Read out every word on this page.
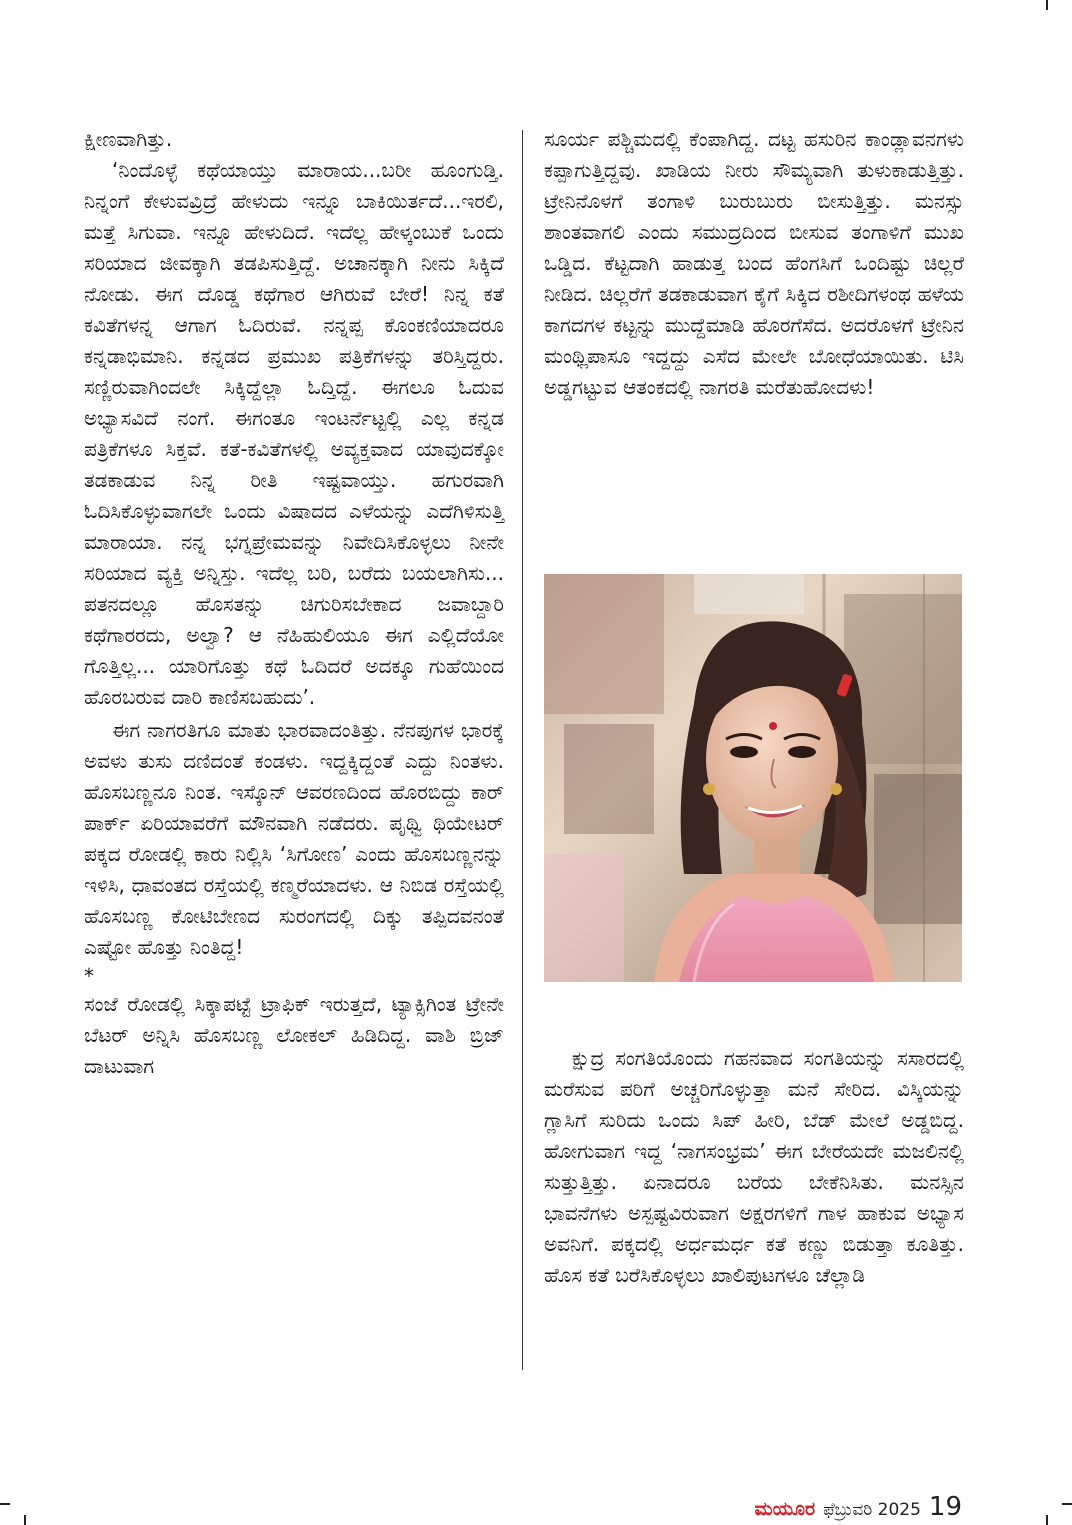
ಕ್ಷೀಣವಾಗಿತ್ತು.

‘ನಿಂದೊಳ್ಳೆ ಕಥೆಯಾಯ್ತು ಮಾರಾಯ...ಬರೀ ಹೂಂಗುಡ್ತಿ. ನಿನ್ನಂಗೆ ಕೇಳುವವ್ರಿದ್ರೆ ಹೇಳುದು ಇನ್ನೂ ಬಾಕಿಯಿರ್ತದೆ...ಇರಲಿ, ಮತ್ತೆ ಸಿಗುವಾ. ಇನ್ನೂ ಹೇಳುದಿದೆ. ಇದೆಲ್ಲ ಹೇಳ್ಕಂಬುಕೆ ಒಂದು ಸರಿಯಾದ ಜೀವಕ್ಕಾಗಿ ತಡಪಿಸುತ್ತಿದ್ದೆ. ಅಚಾನಕ್ಕಾಗಿ ನೀನು ಸಿಕ್ಕಿದೆ ನೋಡು. ಈಗ ದೊಡ್ಡ ಕಥೆಗಾರ ಆಗಿರುವೆ ಬೇರೆ! ನಿನ್ನ ಕತೆ ಕವಿತೆಗಳನ್ನ ಆಗಾಗ ಓದಿರುವೆ. ನನ್ನಪ್ಪ ಕೊಂಕಣಿಯಾದರೂ ಕನ್ನಡಾಭಿಮಾನಿ. ಕನ್ನಡದ ಪ್ರಮುಖ ಪತ್ರಿಕೆಗಳನ್ನು ತರಿಸ್ತಿದ್ದರು. ಸಣ್ಣಿರುವಾಗಿಂದಲೇ ಸಿಕ್ಕಿದ್ದೆಲ್ಲಾ ಓದ್ತಿದ್ದೆ. ಈಗಲೂ ಓದುವ ಅಭ್ಯಾಸವಿದೆ ನಂಗೆ. ಈಗಂತೂ ಇಂಟರ್ನೆಟ್ಟಲ್ಲಿ ಎಲ್ಲ ಕನ್ನಡ ಪತ್ರಿಕೆಗಳೂ ಸಿಕ್ತವೆ. ಕತೆ-ಕವಿತೆಗಳಲ್ಲಿ ಅವ್ಯಕ್ತವಾದ ಯಾವುದಕ್ಕೋ ತಡಕಾಡುವ ನಿನ್ನ ರೀತಿ ಇಷ್ಟವಾಯ್ತು. ಹಗುರವಾಗಿ ಓದಿಸಿಕೊಳ್ಳುವಾಗಲೇ ಒಂದು ವಿಷಾದದ ಎಳೆಯನ್ನು ಎದೆಗಿಳಿಸುತ್ತಿ ಮಾರಾಯಾ. ನನ್ನ ಭಗ್ನಪ್ರೇಮವನ್ನು ನಿವೇದಿಸಿಕೊಳ್ಳಲು ನೀನೇ ಸರಿಯಾದ ವ್ಯಕ್ತಿ ಅನ್ನಿಸ್ತು. ಇದೆಲ್ಲ ಬರಿ, ಬರೆದು ಬಯಲಾಗಿಸು... ಪತನದಲ್ಲೂ ಹೊಸತನ್ನು ಚಿಗುರಿಸಬೇಕಾದ ಜವಾಬ್ದಾರಿ ಕಥೆಗಾರರದು, ಅಲ್ವಾ? ಆ ನೆಹಿಹುಲಿಯೂ ಈಗ ಎಲ್ಲಿದೆಯೋ ಗೊತ್ತಿಲ್ಲ... ಯಾರಿಗೊತ್ತು ಕಥೆ ಓದಿದರೆ ಅದಕ್ಕೂ ಗುಹೆಯಿಂದ ಹೊರಬರುವ ದಾರಿ ಕಾಣಿಸಬಹುದು’.

ಈಗ ನಾಗರತಿಗೂ ಮಾತು ಭಾರವಾದಂತಿತ್ತು. ನೆನಪುಗಳ ಭಾರಕ್ಕೆ ಅವಳು ತುಸು ದಣಿದಂತೆ ಕಂಡಳು. ಇದ್ದಕ್ಕಿದ್ದಂತೆ ಎದ್ದು ನಿಂತಳು. ಹೊಸಬಣ್ಣನೂ ನಿಂತ. ಇಸ್ಕೊನ್ ಆವರಣದಿಂದ ಹೊರಬಿದ್ದು ಕಾರ್ ಪಾರ್ಕ್ ಏರಿಯಾವರೆಗೆ ಮೌನವಾಗಿ ನಡೆದರು. ಪೃಥ್ವಿ ಥಿಯೇಟರ್ ಪಕ್ಕದ ರೋಡಲ್ಲಿ ಕಾರು ನಿಲ್ಲಿಸಿ ‘ಸಿಗೋಣ’ ಎಂದು ಹೊಸಬಣ್ಣನನ್ನು ಇಳಿಸಿ, ಧಾವಂತದ ರಸ್ತೆಯಲ್ಲಿ ಕಣ್ಮರೆಯಾದಳು. ಆ ನಿಬಿಡ ರಸ್ತೆಯಲ್ಲಿ ಹೊಸಬಣ್ಣ ಕೋಟಿಬೇಣದ ಸುರಂಗದಲ್ಲಿ ದಿಕ್ಕು ತಪ್ಪಿದವನಂತೆ ಎಷ್ಟೋ ಹೊತ್ತು ನಿಂತಿದ್ದ!

*

ಸಂಜೆ ರೋಡಲ್ಲಿ ಸಿಕ್ಕಾಪಟ್ಟೆ ಟ್ರಾಫಿಕ್ ಇರುತ್ತದೆ, ಟ್ಯಾಕ್ಸಿಗಿಂತ ಟ್ರೇನೇ ಬೆಟರ್ ಅನ್ನಿಸಿ ಹೊಸಬಣ್ಣ ಲೋಕಲ್ ಹಿಡಿದಿದ್ದ. ವಾಶಿ ಬ್ರಿಜ್ ದಾಟುವಾಗ

ಸೂರ್ಯ ಪಶ್ಚಿಮದಲ್ಲಿ ಕೆಂಪಾಗಿದ್ದ. ದಟ್ಟ ಹಸುರಿನ ಕಾಂಡ್ಲಾವನಗಳು ಕಪ್ಪಾಗುತ್ತಿದ್ದವು. ಖಾಡಿಯ ನೀರು ಸೌಮ್ಯವಾಗಿ ತುಳುಕಾಡುತ್ತಿತ್ತು. ಟ್ರೇನಿನೊಳಗೆ ತಂಗಾಳಿ ಬುರುಬುರು ಬೀಸುತ್ತಿತ್ತು. ಮನಸ್ಸು ಶಾಂತವಾಗಲಿ ಎಂದು ಸಮುದ್ರದಿಂದ ಬೀಸುವ ತಂಗಾಳಿಗೆ ಮುಖ ಒಡ್ಡಿದ. ಕೆಟ್ಟದಾಗಿ ಹಾಡುತ್ತ ಬಂದ ಹೆಂಗಸಿಗೆ ಒಂದಿಷ್ಟು ಚಿಲ್ಲರೆ ನೀಡಿದ. ಚಿಲ್ಲರೆಗೆ ತಡಕಾಡುವಾಗ ಕೈಗೆ ಸಿಕ್ಕಿದ ರಶೀದಿಗಳಂಥ ಹಳೆಯ ಕಾಗದಗಳ ಕಟ್ಟನ್ನು ಮುದ್ದೆಮಾಡಿ ಹೊರಗೆಸೆದ. ಅದರೊಳಗೆ ಟ್ರೇನಿನ ಮಂಥ್ಲಿಪಾಸೂ ಇದ್ದದ್ದು ಎಸೆದ ಮೇಲೇ ಬೋಧೆಯಾಯಿತು. ಟಿಸಿ ಅಡ್ಡಗಟ್ಟುವ ಆತಂಕದಲ್ಲಿ ನಾಗರತಿ ಮರೆತುಹೋದಳು!

ಕ್ಷುದ್ರ ಸಂಗತಿಯೊಂದು ಗಹನವಾದ ಸಂಗತಿಯನ್ನು ಸಸಾರದಲ್ಲಿ ಮರೆಸುವ ಪರಿಗೆ ಅಚ್ಚರಿಗೊಳ್ಳುತ್ತಾ ಮನೆ ಸೇರಿದ. ವಿಸ್ಕಿಯನ್ನು ಗ್ಲಾಸಿಗೆ ಸುರಿದು ಒಂದು ಸಿಪ್ ಹೀರಿ, ಬೆಡ್ ಮೇಲೆ ಅಡ್ಡಬಿದ್ದ. ಹೋಗುವಾಗ ಇದ್ದ ‘ನಾಗಸಂಭ್ರಮ’ ಈಗ ಬೇರೆಯದೇ ಮಜಲಿನಲ್ಲಿ ಸುತ್ತುತ್ತಿತ್ತು. ಏನಾದರೂ ಬರೆಯ ಬೇಕೆನಿಸಿತು. ಮನಸ್ಸಿನ ಭಾವನೆಗಳು ಅಸ್ಪಷ್ಟವಿರುವಾಗ ಅಕ್ಷರಗಳಿಗೆ ಗಾಳ ಹಾಕುವ ಅಭ್ಯಾಸ ಅವನಿಗೆ. ಪಕ್ಕದಲ್ಲಿ ಅರ್ಧಮರ್ಧ ಕತೆ ಕಣ್ಣು ಬಿಡುತ್ತಾ ಕೂತಿತ್ತು. ಹೊಸ ಕತೆ ಬರೆಸಿಕೊಳ್ಳಲು ಖಾಲಿಪುಟಗಳೂ ಚೆಲ್ಲಾಡಿ

ಮಯೂರ ಫೆಬ್ರುವರಿ 2025 19
